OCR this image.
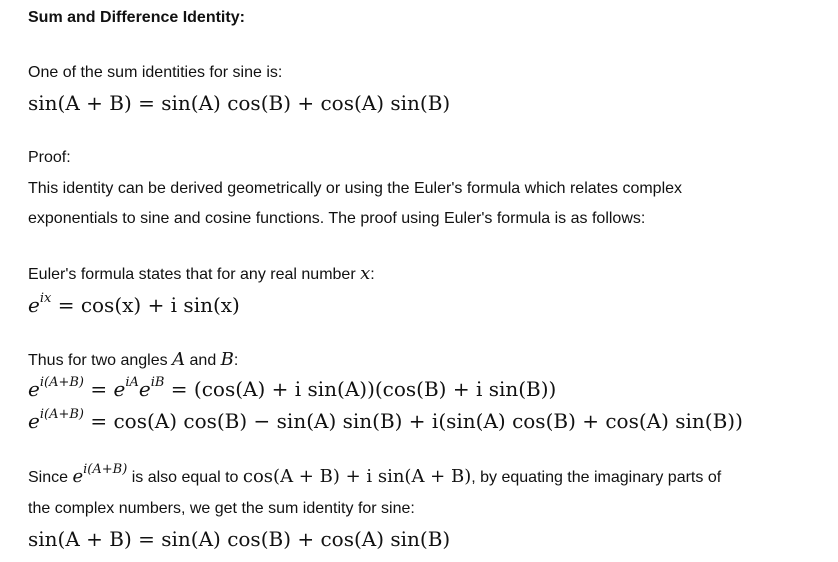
Sum and Difference Identity:
One of the sum identities for sine is:
sin(A + B) = sin(A) cos(B) + cos(A) sin(B)
Proof:
This identity can be derived geometrically or using the Euler's formula which relates complex
exponentials to sine and cosine functions. The proof using Euler's formula is as follows:
Euler's formula states that for any real number x:
$e^{ix} = \cos(x) + i$ sin(x)
Thus for two angles A and B:
$e^{i(A+B)} = e^{iA}e^{iB} = (\cos(A) + i$ sin(A))(cos(B) + i sin(B))
$e^{i(A+B)} = \cos(A) \cos(B) - \sin(A) \sin(B) + i(\sin(A) \cos(B) + \cos(A)$ sin(B))
Since $e^{i(A+B)}$ is also equal to cos(A + B) + i sin(A + B), by equating the imaginary parts of
the complex numbers, we get the sum identity for sine:
sin(A + B) = sin(A) cos(B) + cos(A) sin(B)
